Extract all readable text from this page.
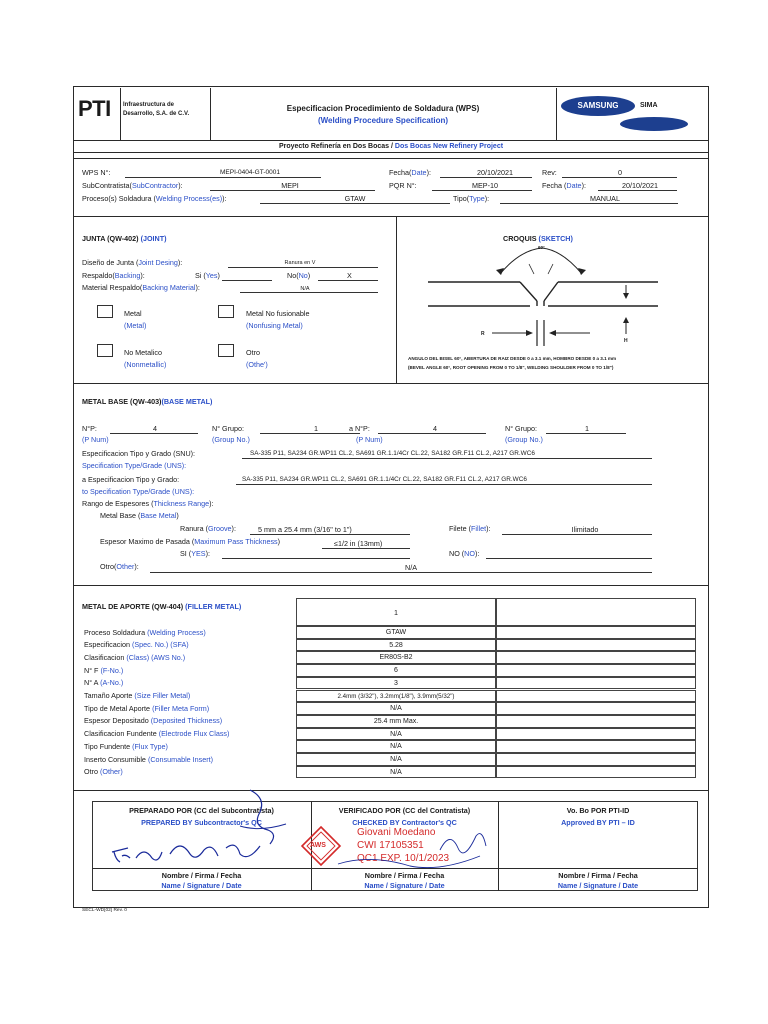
PTI Infraestructura de
Desarrollo, S.A. de C.V.
Especificacion Procedimiento de Soldadura (WPS)
(Welding Procedure Specification)
SAMSUNG	SIMA
Proyecto Refinería en Dos Bocas / Dos Bocas New Refinery Project
WPS N°:	MEPI-0404-GT-0001	Fecha(Date):	20/10/2021	Rev:	0
SubContratista(SubContractor):	MEPI	PQR N°:	MEP-10	Fecha (Date):	20/10/2021
Proceso(s) Soldadura (Welding Process(es)):	GTAW	Tipo(Type):	MANUAL
JUNTA (QW-402) (JOINT)
Diseño de Junta (Joint Desing):	Ranura en V
Respaldo(Backing):	Si (Yes)	No(No)	X
Material Respaldo(Backing Material):	N/A
Metal
(Metal)
Metal No fusionable
(Nonfusing Metal)
No Metalico
(Nonmetallic)
Otro
(Othe')
CROQUIS (SKETCH)
60°
R
H
ANGULO DEL BISEL 60°, ABERTURA DE RAIZ DESDE 0 a 3.1 mm, HOMBRO DESDE 0 a 3.1 mm
(BEVEL ANGLE 60°, ROOT OPENING FROM 0 TO 1/8", WELDING SHOULDER FROM 0 TO 1/8")
METAL BASE (QW-403)(BASE METAL)
N°P:	4
(P Num)
N° Grupo:	1
(Group No.)
a N°P:	4
(P Num)
N° Grupo:	1
(Group No.)
Especificacion Tipo y Grado (SNU):	SA-335 P11, SA234 GR.WP11 CL.2, SA691 GR.1.1/4Cr CL.22, SA182 GR.F11 CL.2, A217 GR.WC6
Specification Type/Grade (UNS):
a Especificacion Tipo y Grado:	SA-335 P11, SA234 GR.WP11 CL.2, SA691 GR.1.1/4Cr CL.22, SA182 GR.F11 CL.2, A217 GR.WC6
to Specification Type/Grade (UNS):
Rango de Espesores (Thickness Range):
Metal Base (Base Metal)
Ranura (Groove):	5 mm a 25.4 mm (3/16" to 1")	Filete (Fillet):	Ilimitado
Espesor Maximo de Pasada (Maximum Pass Thickness)	≤1/2 in (13mm)
SI (YES):	NO (NO):
Otro(Other):	N/A
METAL DE APORTE (QW-404) (FILLER METAL)
1
Proceso Soldadura (Welding Process)	GTAW
Especificacion (Spec. No.) (SFA)	5.28
Clasificacion (Class) (AWS No.)	ER80S-B2
N° F (F-No.)	6
N° A (A-No.)	3
Tamaño Aporte (Size Filler Metal)	2.4mm (3/32"), 3.2mm(1/8"), 3.9mm(5/32")
Tipo de Metal Aporte (Filler Meta Form)	N/A
Espesor Depositado (Deposited Thickness)	25.4 mm Max.
Clasificacion Fundente (Electrode Flux Class)	N/A
Tipo Fundente (Flux Type)	N/A
Inserto Consumible (Consumable Insert)	N/A
Otro (Other)	N/A
PREPARADO POR (CC del Subcontratista)
PREPARED BY Subcontractor's QC
VERIFICADO POR (CC del Contratista)
CHECKED BY Contractor's QC
Vo. Bo POR PTI-ID
Approved BY PTI – ID
Nombre / Firma / Fecha
Name / Signature / Date
Nombre / Firma / Fecha
Name / Signature / Date
Nombre / Firma / Fecha
Name / Signature / Date
AWS
Giovani Moedano
CWI 17105351
QC1 EXP. 10/1/2023
SECL-WD[02] Rev. 0
